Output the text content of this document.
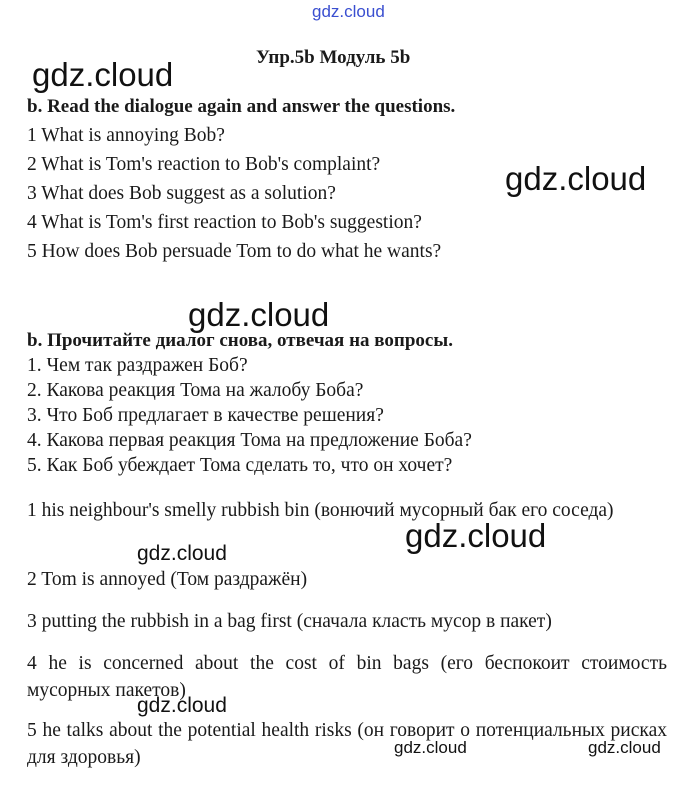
gdz.cloud
gdz.cloud
gdz.cloud
gdz.cloud
gdz.cloud
gdz.cloud
gdz.cloud
gdz.cloud	gdz.cloud
Упр.5b Модуль 5b
b. Read the dialogue again and answer the questions.
1 What is annoying Bob?
2 What is Tom's reaction to Bob's complaint?
3 What does Bob suggest as a solution?
4 What is Tom's first reaction to Bob's suggestion?
5 How does Bob persuade Tom to do what he wants?
b. Прочитайте диалог снова, отвечая на вопросы.
1. Чем так раздражен Боб?
2. Какова реакция Тома на жалобу Боба?
3. Что Боб предлагает в качестве решения?
4. Какова первая реакция Тома на предложение Боба?
5. Как Боб убеждает Тома сделать то, что он хочет?
1 his neighbour's smelly rubbish bin (вонючий мусорный бак его соседа)
2 Tom is annoyed (Том раздражён)
3 putting the rubbish in a bag first (сначала класть мусор в пакет)
4 he is concerned about the cost of bin bags (его беспокоит стоимость мусорных пакетов)
5 he talks about the potential health risks (он говорит о потенциальных рисках для здоровья)
